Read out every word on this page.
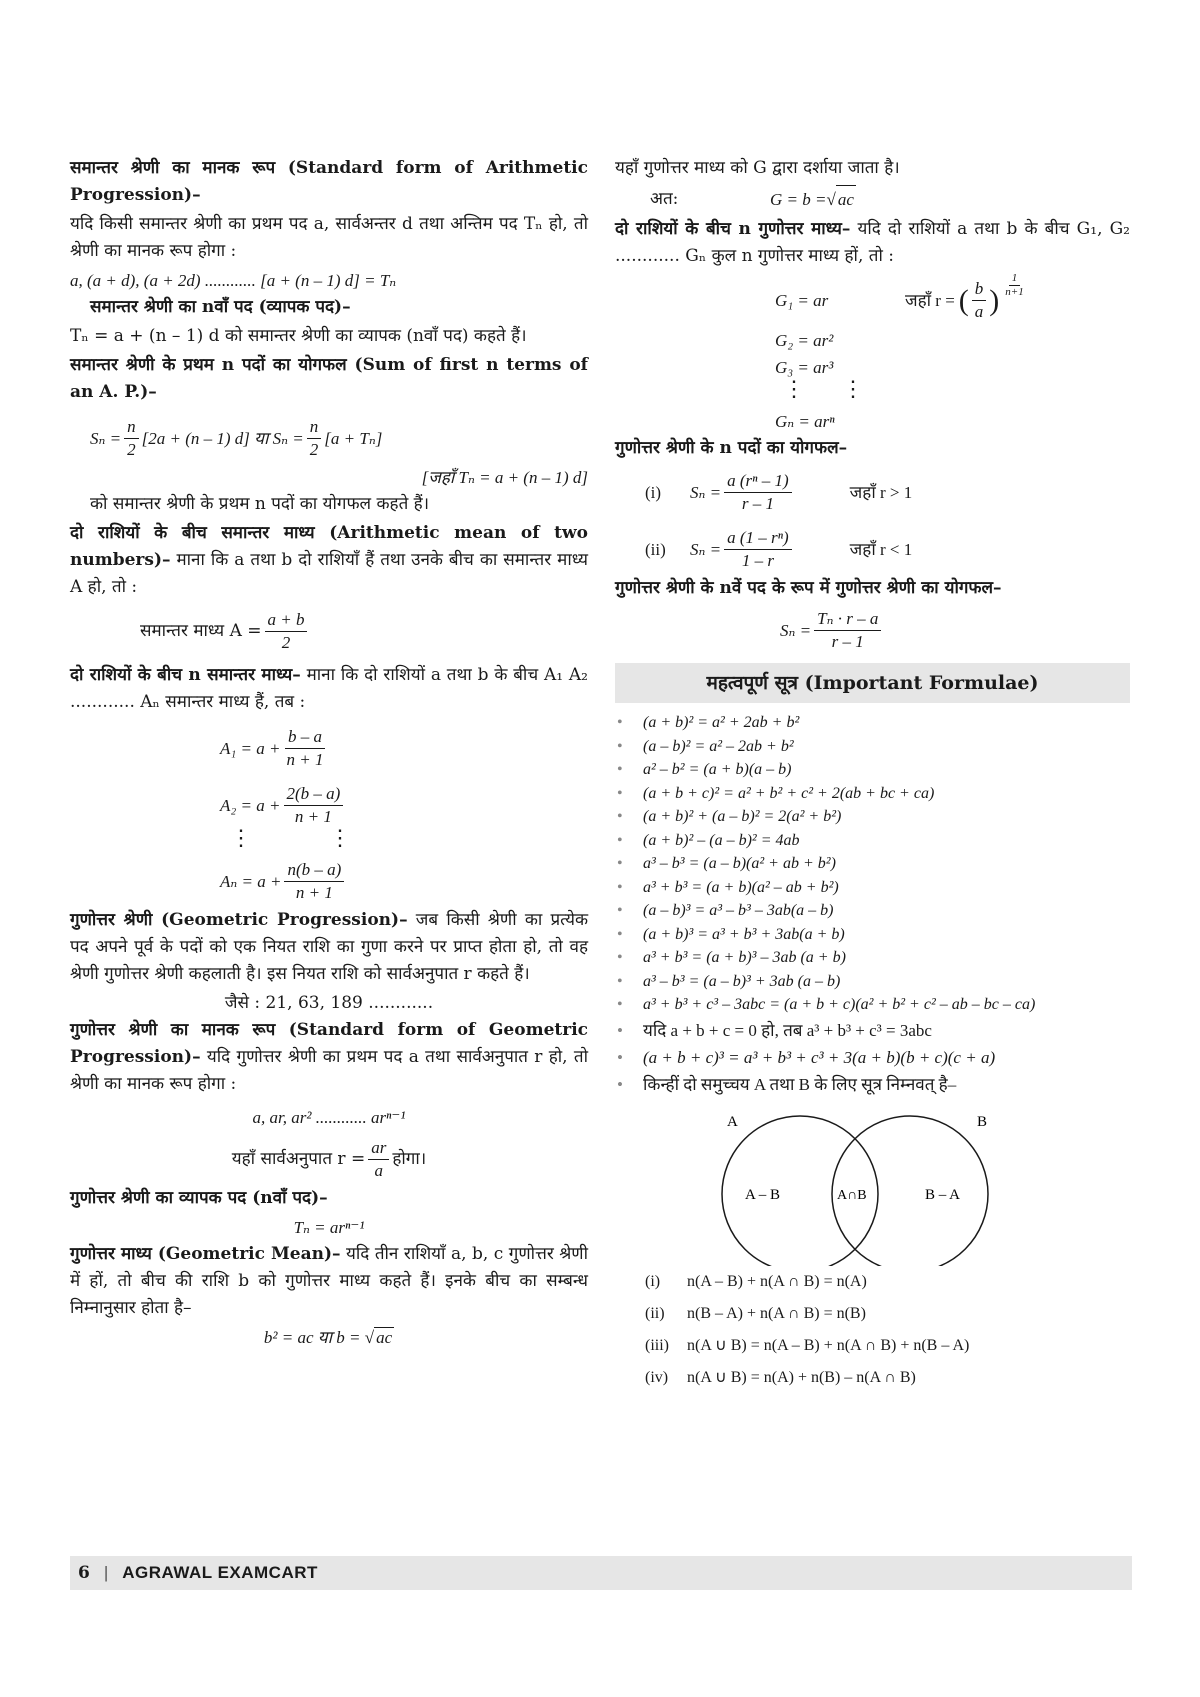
समान्तर श्रेणी का मानक रूप (Standard form of Arithmetic Progression)–

यदि किसी समान्तर श्रेणी का प्रथम पद a, सार्वअन्तर d तथा अन्तिम पद Tₙ हो, तो श्रेणी का मानक रूप होगा :

a, (a + d), (a + 2d) ............ [a + (n – 1) d] = Tₙ

समान्तर श्रेणी का nवाँ पद (व्यापक पद)–

Tₙ = a + (n – 1) d को समान्तर श्रेणी का व्यापक (nवाँ पद) कहते हैं।

समान्तर श्रेणी के प्रथम n पदों का योगफल (Sum of first n terms of an A. P.)–

$S_n = \frac{n}{2} [2a + (n - 1)$ d] या $S_n = \frac{n}{2} [a + T_n]$

[जहाँ Tₙ = a + (n – 1) d]

को समान्तर श्रेणी के प्रथम n पदों का योगफल कहते हैं।

दो राशियों के बीच समान्तर माध्य (Arithmetic mean of two numbers)– माना कि a तथा b दो राशियाँ हैं तथा उनके बीच का समान्तर माध्य A हो, तो :

समान्तर माध्य $A = \frac{a + b}{2}$

दो राशियों के बीच n समान्तर माध्य– माना कि दो राशियों a तथा b के बीच A₁ A₂ ............ Aₙ समान्तर माध्य हैं, तब :

$A_1 = a + \frac{b - a}{n + 1}$
$A_2 = a + \frac{2(b - a)}{n + 1}$
⋮	⋮
$A_n = a + \frac{n(b - a)}{n + 1}$

गुणोत्तर श्रेणी (Geometric Progression)– जब किसी श्रेणी का प्रत्येक पद अपने पूर्व के पदों को एक नियत राशि का गुणा करने पर प्राप्त होता हो, तो वह श्रेणी गुणोत्तर श्रेणी कहलाती है। इस नियत राशि को सार्वअनुपात r कहते हैं।

जैसे : 21, 63, 189 ............

गुणोत्तर श्रेणी का मानक रूप (Standard form of Geometric Progression)– यदि गुणोत्तर श्रेणी का प्रथम पद a तथा सार्वअनुपात r हो, तो श्रेणी का मानक रूप होगा :

a, ar, ar² ............ arⁿ⁻¹

यहाँ सार्वअनुपात $r = \frac{ar}{a}$ होगा।

गुणोत्तर श्रेणी का व्यापक पद (nवाँ पद)–

Tₙ = arⁿ⁻¹

गुणोत्तर माध्य (Geometric Mean)– यदि तीन राशियाँ a, b, c गुणोत्तर श्रेणी में हों, तो बीच की राशि b को गुणोत्तर माध्य कहते हैं। इनके बीच का सम्बन्ध निम्नानुसार होता है–

b² = ac या b = √ ac

यहाँ गुणोत्तर माध्य को G द्वारा दर्शाया जाता है।

अत:	G = b = √ ac

दो राशियों के बीच n गुणोत्तर माध्य– यदि दो राशियों a तथा b के बीच G₁, G₂ ............ Gₙ कुल n गुणोत्तर माध्य हों, तो :

G₁ = ar	जहाँ r = ( $\frac{b}{a}$ ) $\frac{1}{n+1}$

G₂ = ar²

G₃ = ar³

⋮ ⋮

Gₙ = arⁿ

गुणोत्तर श्रेणी के n पदों का योगफल–

(i)	$S_n = \frac{\text{a (rⁿ – 1)}}{r - 1}$	जहाँ r > 1
(ii)	$S_n = \frac{\text{a (1 – rⁿ)}}{1 - r}$	जहाँ r < 1

गुणोत्तर श्रेणी के nवें पद के रूप में गुणोत्तर श्रेणी का योगफल–

$S_n = \frac{\text{Tₙ · r – a}}{r - 1}$
महत्वपूर्ण सूत्र (Important Formulae)
• (a + b)² = a² + 2ab + b²
• (a – b)² = a² – 2ab + b²
• a² – b² = (a + b)(a – b)
• (a + b + c)² = a² + b² + c² + 2(ab + bc + ca)
• (a + b)² + (a – b)² = 2(a² + b²)
• (a + b)² – (a – b)² = 4ab
• a³ – b³ = (a – b)(a² + ab + b²)
• a³ + b³ = (a + b)(a² – ab + b²)
• (a – b)³ = a³ – b³ – 3ab(a – b)
• (a + b)³ = a³ + b³ + 3ab(a + b)
• a³ + b³ = (a + b)³ – 3ab (a + b)
• a³ – b³ = (a – b)³ + 3ab (a – b)
• a³ + b³ + c³ – 3abc = (a + b + c)(a² + b² + c² – ab – bc – ca)
• यदि a + b + c = 0 हो, तब a³ + b³ + c³ = 3abc
• (a + b + c)³ = a³ + b³ + c³ + 3(a + b)(b + c)(c + a)
• किन्हीं दो समुच्चय A तथा B के लिए सूत्र निम्नवत् है–
A	B
A – B	A∩B	B – A
(i) n(A – B) + n(A ∩ B) = n(A)
(ii) n(B – A) + n(A ∩ B) = n(B)
(iii) n(A ∪ B) = n(A – B) + n(A ∩ B) + n(B – A)
(iv) n(A ∪ B) = n(A) + n(B) – n(A ∩ B)
6 | AGRAWAL EXAMCART
